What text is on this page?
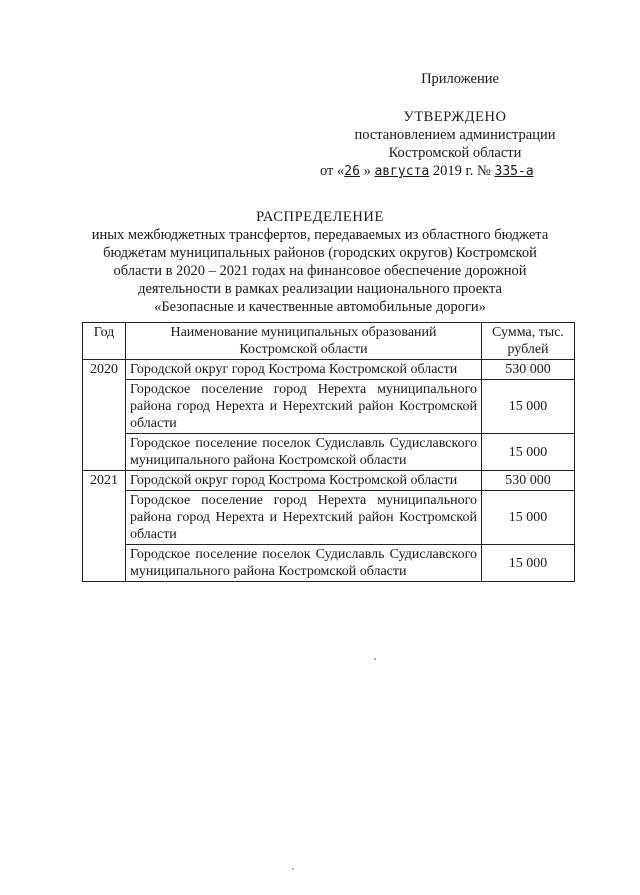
Приложение
УТВЕРЖДЕНО
постановлением администрации
Костромской области
от «26 » августа 2019 г. № 335-а
РАСПРЕДЕЛЕНИЕ
иных межбюджетных трансфертов, передаваемых из областного бюджета
бюджетам муниципальных районов (городских округов) Костромской
области в 2020 – 2021 годах на финансовое обеспечение дорожной
деятельности в рамках реализации национального проекта
«Безопасные и качественные автомобильные дороги»
Год	Наименование муниципальных образований Костромской области	Сумма, тыс. рублей
2020	Городской округ город Кострома Костромской области	530 000
	Городское поселение город Нерехта муниципального района город Нерехта и Нерехтский район Костромской области	15 000
	Городское поселение поселок Судиславль Судиславского муниципального района Костромской области	15 000
2021	Городской округ город Кострома Костромской области	530 000
	Городское поселение город Нерехта муниципального района город Нерехта и Нерехтский район Костромской области	15 000
	Городское поселение поселок Судиславль Судиславского муниципального района Костромской области	15 000
